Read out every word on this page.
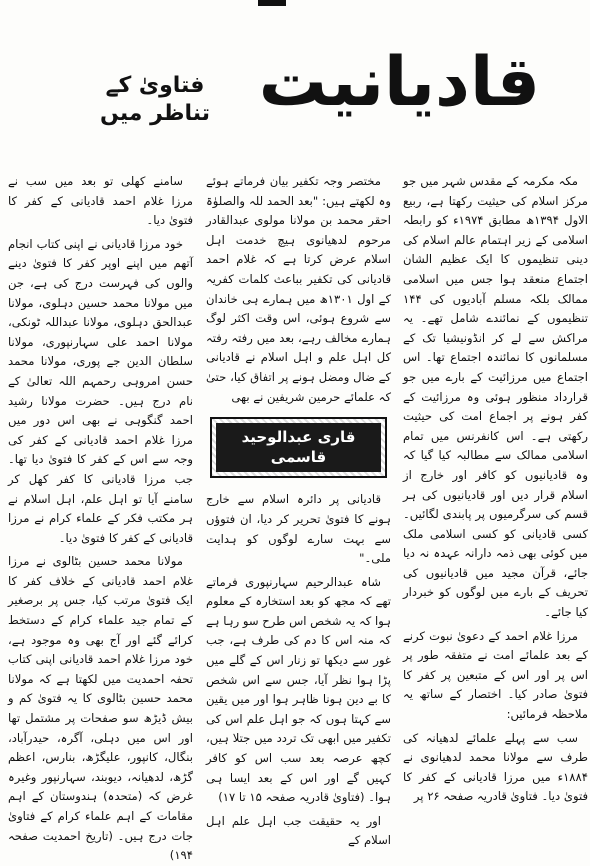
قادیانیت
فتاویٰ کے
تناظر میں

مکہ مکرمہ کے مقدس شہر میں جو مرکز اسلام کی حیثیت رکھتا ہے، ربیع الاول ۱۳۹۴ھ مطابق ۱۹۷۴ء کو رابطہ اسلامی کے زیر اہتمام عالم اسلام کی دینی تنظیموں کا ایک عظیم الشان اجتماع منعقد ہوا جس میں اسلامی ممالک بلکہ مسلم آبادیوں کی ۱۴۴ تنظیموں کے نمائندے شامل تھے۔ یہ مراکش سے لے کر انڈونیشیا تک کے مسلمانوں کا نمائندہ اجتماع تھا۔ اس اجتماع میں مرزائیت کے بارے میں جو قرارداد منظور ہوئی وہ مرزائیت کے کفر ہونے پر اجماع امت کی حیثیت رکھتی ہے۔ اس کانفرنس میں تمام اسلامی ممالک سے مطالبہ کیا گیا کہ وہ قادیانیوں کو کافر اور خارج از اسلام قرار دیں اور قادیانیوں کی ہر قسم کی سرگرمیوں پر پابندی لگائیں۔ کسی قادیانی کو کسی اسلامی ملک میں کوئی بھی ذمہ دارانہ عہدہ نہ دیا جائے، قرآن مجید میں قادیانیوں کی تحریف کے بارے میں لوگوں کو خبردار کیا جائے۔

مرزا غلام احمد کے دعویٰ نبوت کرنے کے بعد علمائے امت نے متفقہ طور پر اس پر اور اس کے متبعین پر کفر کا فتویٰ صادر کیا۔ اختصار کے ساتھ یہ ملاحظہ فرمائیں:

سب سے پہلے علمائے لدھیانہ کی طرف سے مولانا محمد لدھیانوی نے ۱۸۸۴ء میں مرزا قادیانی کے کفر کا فتویٰ دیا۔ فتاویٰ قادریہ صفحہ ۲۶ پر

مختصر وجہ تکفیر بیان فرماتے ہوئے وہ لکھتے ہیں: "بعد الحمد للہ والصلوٰۃ احقر محمد بن مولانا مولوی عبدالقادر مرحوم لدھیانوی ہیچ خدمت اہل اسلام عرض کرتا ہے کہ غلام احمد قادیانی کی تکفیر بباعث کلمات کفریہ کے اول ۱۳۰۱ھ میں ہمارے ہی خاندان سے شروع ہوئی، اس وقت اکثر لوگ ہمارے مخالف رہے، بعد میں رفتہ رفتہ کل اہل علم و اہل اسلام نے قادیانی کے ضال ومضل ہونے پر اتفاق کیا، حتیٰ کہ علمائے حرمین شریفین نے بھی

قاری عبدالوحید قاسمی

قادیانی پر دائرہ اسلام سے خارج ہونے کا فتویٰ تحریر کر دیا، ان فتوؤں سے بہت سارے لوگوں کو ہدایت ملی۔"

شاہ عبدالرحیم سہارنپوری فرماتے تھے کہ مجھ کو بعد استخارہ کے معلوم ہوا کہ یہ شخص اس طرح سو رہا ہے کہ منہ اس کا دم کی طرف ہے، جب غور سے دیکھا تو زنار اس کے گلے میں پڑا ہوا نظر آیا، جس سے اس شخص کا بے دین ہونا ظاہر ہوا اور میں یقین سے کہتا ہوں کہ جو اہل علم اس کی تکفیر میں ابھی تک تردد میں جتلا ہیں، کچھ عرصہ بعد سب اس کو کافر کہیں گے اور اس کے بعد ایسا ہی ہوا۔ (فتاویٰ قادریہ صفحہ ۱۵ تا ۱۷)

اور یہ حقیقت جب اہل علم اہل اسلام کے

سامنے کھلی تو بعد میں سب نے مرزا غلام احمد قادیانی کے کفر کا فتویٰ دیا۔

خود مرزا قادیانی نے اپنی کتاب انجام آتھم میں اپنے اوپر کفر کا فتویٰ دینے والوں کی فہرست درج کی ہے، جن میں مولانا محمد حسین دہلوی، مولانا عبدالحق دہلوی، مولانا عبداللہ ٹونکی، مولانا احمد علی سہارنپوری، مولانا سلطان الدین جے پوری، مولانا محمد حسن امروہی رحمہم اللہ تعالیٰ کے نام درج ہیں۔ حضرت مولانا رشید احمد گنگوہی نے بھی اس دور میں مرزا غلام احمد قادیانی کے کفر کی وجہ سے اس کے کفر کا فتویٰ دیا تھا۔ جب مرزا قادیانی کا کفر کھل کر سامنے آیا تو اہل علم، اہل اسلام نے ہر مکتب فکر کے علماء کرام نے مرزا قادیانی کے کفر کا فتویٰ دیا۔

مولانا محمد حسین بٹالوی نے مرزا غلام احمد قادیانی کے خلاف کفر کا ایک فتویٰ مرتب کیا، جس پر برصغیر کے تمام جید علماء کرام کے دستخط کرائے گئے اور آج بھی وہ موجود ہے، خود مرزا غلام احمد قادیانی اپنی کتاب تحفہ احمدیت میں لکھتا ہے کہ مولانا محمد حسین بٹالوی کا یہ فتویٰ کم و بیش ڈیڑھ سو صفحات پر مشتمل تھا اور اس میں دہلی، آگرہ، حیدرآباد، بنگال، کانپور، علیگڑھ، بنارس، اعظم گڑھ، لدھیانہ، دیوبند، سہارنپور وغیرہ غرض کہ (متحدہ) ہندوستان کے اہم مقامات کے اہم علماء کرام کے فتاویٰ جات درج ہیں۔ (تاریخ احمدیت صفحہ ۱۹۴)
